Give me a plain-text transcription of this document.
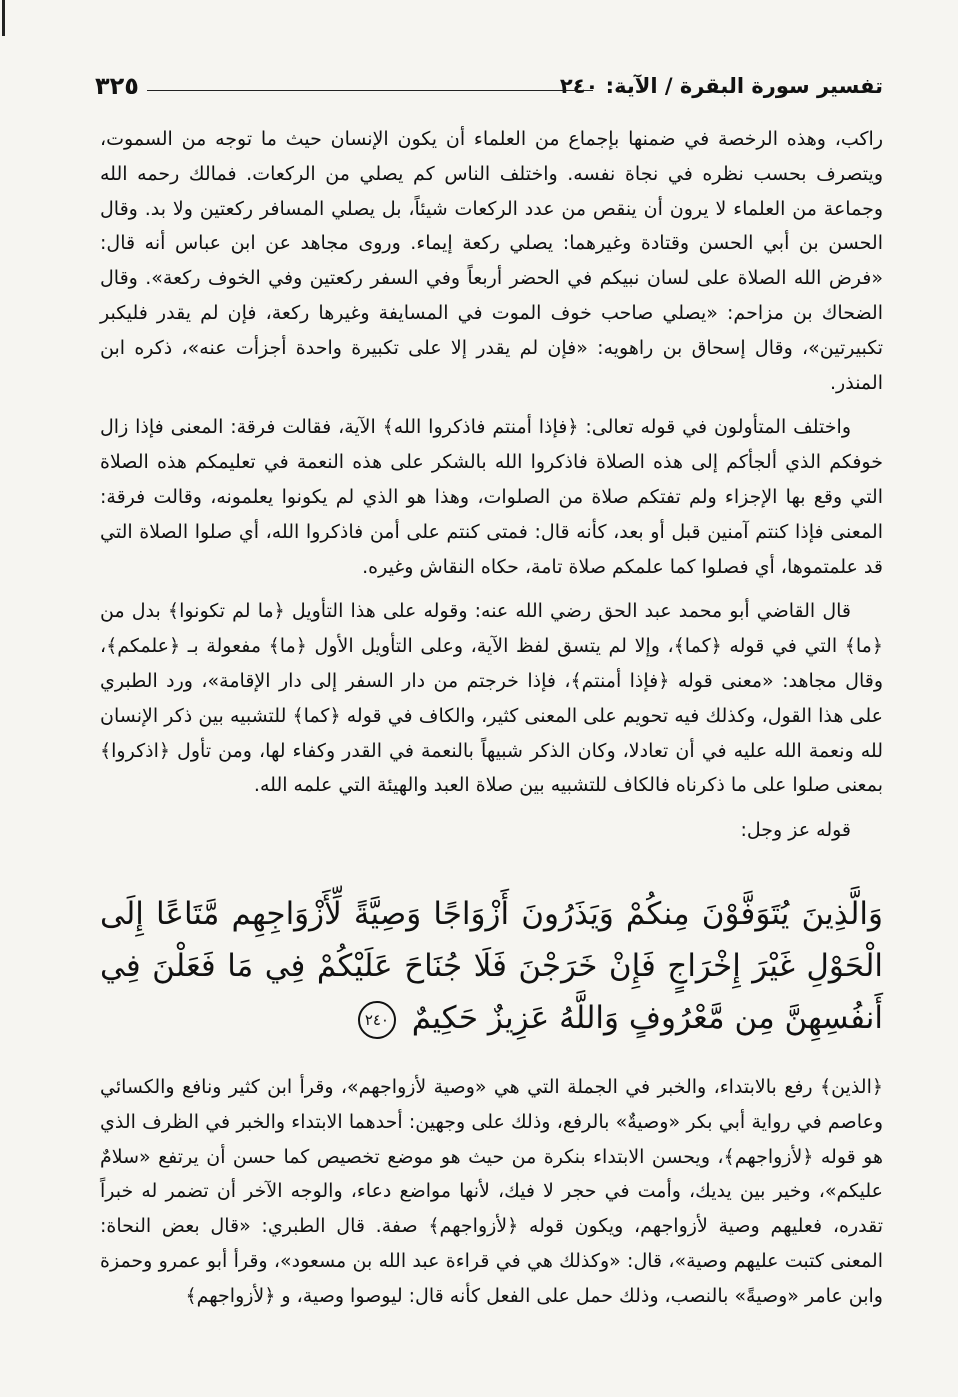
تفسير سورة البقرة / الآية: ٢٤٠
٣٢٥

راكب، وهذه الرخصة في ضمنها بإجماع من العلماء أن يكون الإنسان حيث ما توجه من السموت، ويتصرف بحسب نظره في نجاة نفسه. واختلف الناس كم يصلي من الركعات. فمالك رحمه الله وجماعة من العلماء لا يرون أن ينقص من عدد الركعات شيئاً، بل يصلي المسافر ركعتين ولا بد. وقال الحسن بن أبي الحسن وقتادة وغيرهما: يصلي ركعة إيماء. وروى مجاهد عن ابن عباس أنه قال: «فرض الله الصلاة على لسان نبيكم في الحضر أربعاً وفي السفر ركعتين وفي الخوف ركعة». وقال الضحاك بن مزاحم: «يصلي صاحب خوف الموت في المسايفة وغيرها ركعة، فإن لم يقدر فليكبر تكبيرتين»، وقال إسحاق بن راهويه: «فإن لم يقدر إلا على تكبيرة واحدة أجزأت عنه»، ذكره ابن المنذر.

واختلف المتأولون في قوله تعالى: ﴿فإذا أمنتم فاذكروا الله﴾ الآية، فقالت فرقة: المعنى فإذا زال خوفكم الذي ألجأكم إلى هذه الصلاة فاذكروا الله بالشكر على هذه النعمة في تعليمكم هذه الصلاة التي وقع بها الإجزاء ولم تفتكم صلاة من الصلوات، وهذا هو الذي لم يكونوا يعلمونه، وقالت فرقة: المعنى فإذا كنتم آمنين قبل أو بعد، كأنه قال: فمتى كنتم على أمن فاذكروا الله، أي صلوا الصلاة التي قد علمتموها، أي فصلوا كما علمكم صلاة تامة، حكاه النقاش وغيره.

قال القاضي أبو محمد عبد الحق رضي الله عنه: وقوله على هذا التأويل ﴿ما لم تكونوا﴾ بدل من ﴿ما﴾ التي في قوله ﴿كما﴾، وإلا لم يتسق لفظ الآية، وعلى التأويل الأول ﴿ما﴾ مفعولة بـ ﴿علمكم﴾، وقال مجاهد: «معنى قوله ﴿فإذا أمنتم﴾، فإذا خرجتم من دار السفر إلى دار الإقامة»، ورد الطبري على هذا القول، وكذلك فيه تحويم على المعنى كثير، والكاف في قوله ﴿كما﴾ للتشبيه بين ذكر الإنسان لله ونعمة الله عليه في أن تعادلا، وكان الذكر شبيهاً بالنعمة في القدر وكفاء لها، ومن تأول ﴿اذكروا﴾ بمعنى صلوا على ما ذكرناه فالكاف للتشبيه بين صلاة العبد والهيئة التي علمه الله.

قوله عز وجل:

وَالَّذِينَ يُتَوَفَّوْنَ مِنكُمْ وَيَذَرُونَ أَزْوَاجًا وَصِيَّةً لِّأَزْوَاجِهِم مَّتَاعًا إِلَى الْحَوْلِ غَيْرَ إِخْرَاجٍ فَإِنْ خَرَجْنَ فَلَا جُنَاحَ عَلَيْكُمْ فِي مَا فَعَلْنَ فِي أَنفُسِهِنَّ مِن مَّعْرُوفٍ وَاللَّهُ عَزِيزٌ حَكِيمٌ ٢٤٠
﴿الذين﴾ رفع بالابتداء، والخبر في الجملة التي هي «وصية لأزواجهم»، وقرأ ابن كثير ونافع والكسائي وعاصم في رواية أبي بكر «وصيةٌ» بالرفع، وذلك على وجهين: أحدهما الابتداء والخبر في الظرف الذي هو قوله ﴿لأزواجهم﴾، ويحسن الابتداء بنكرة من حيث هو موضع تخصيص كما حسن أن يرتفع «سلامٌ عليكم»، وخير بين يديك، وأمت في حجر لا فيك، لأنها مواضع دعاء، والوجه الآخر أن تضمر له خبراً تقدره، فعليهم وصية لأزواجهم، ويكون قوله ﴿لأزواجهم﴾ صفة. قال الطبري: «قال بعض النحاة: المعنى كتبت عليهم وصية»، قال: «وكذلك هي في قراءة عبد الله بن مسعود»، وقرأ أبو عمرو وحمزة وابن عامر «وصيةً» بالنصب، وذلك حمل على الفعل كأنه قال: ليوصوا وصية، و ﴿لأزواجهم﴾
